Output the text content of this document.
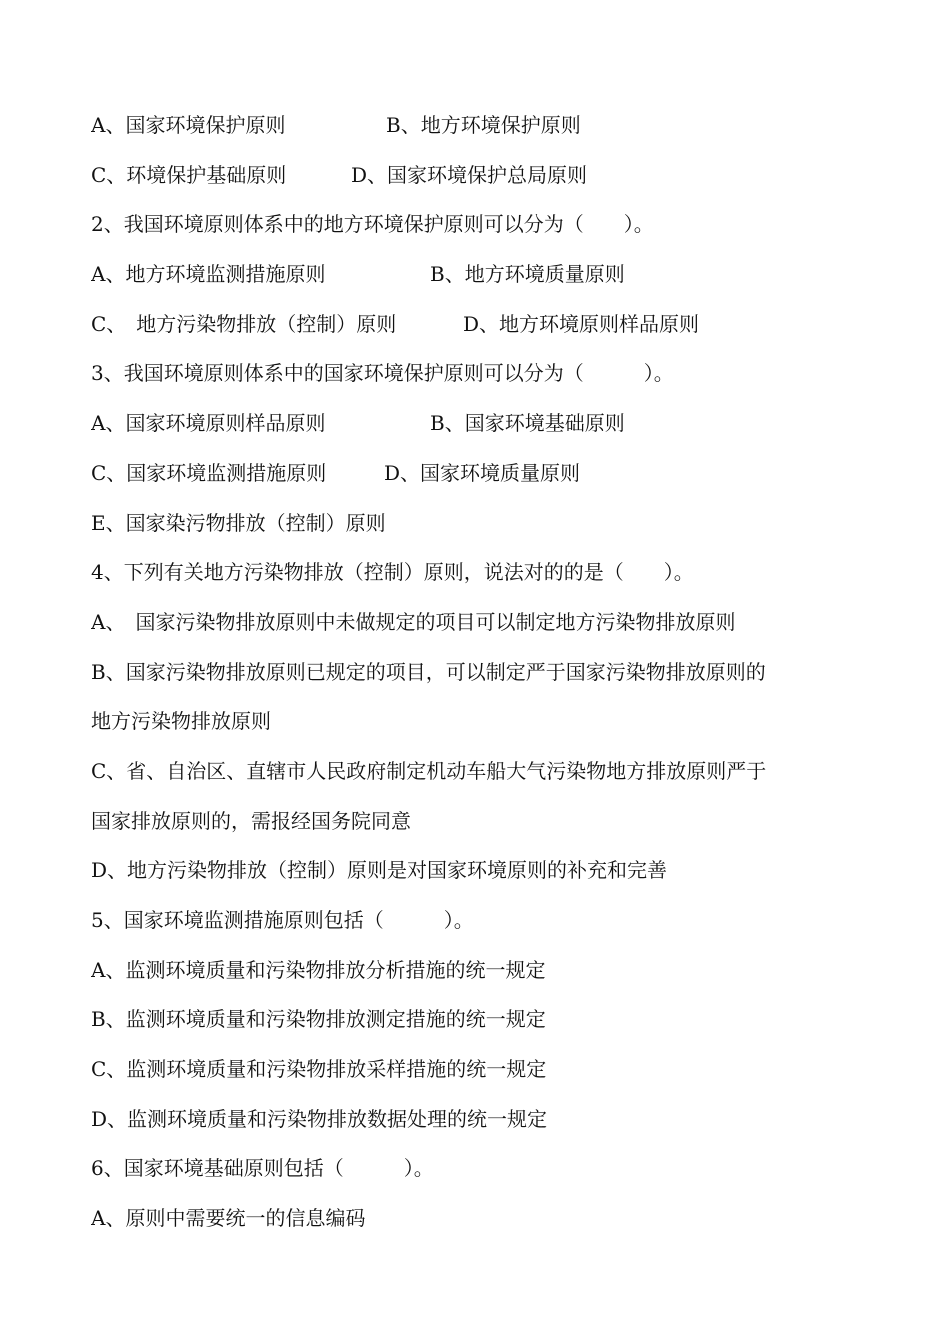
A、国家环境保护原则	B、地方环境保护原则
C、环境保护基础原则	D、国家环境保护总局原则
2、我国环境原则体系中的地方环境保护原则可以分为（　　）。
A、地方环境监测措施原则	B、地方环境质量原则
C、　地方污染物排放（控制）原则	D、地方环境原则样品原则
3、我国环境原则体系中的国家环境保护原则可以分为（　　　）。
A、国家环境原则样品原则	B、国家环境基础原则
C、国家环境监测措施原则	D、国家环境质量原则
E、国家染污物排放（控制）原则
4、下列有关地方污染物排放（控制）原则，说法对的的是（　　）。
A、　国家污染物排放原则中未做规定的项目可以制定地方污染物排放原则
B、国家污染物排放原则已规定的项目，可以制定严于国家污染物排放原则的
地方污染物排放原则
C、省、自治区、直辖市人民政府制定机动车船大气污染物地方排放原则严于
国家排放原则的，需报经国务院同意
D、地方污染物排放（控制）原则是对国家环境原则的补充和完善
5、国家环境监测措施原则包括（　　　）。
A、监测环境质量和污染物排放分析措施的统一规定
B、监测环境质量和污染物排放测定措施的统一规定
C、监测环境质量和污染物排放采样措施的统一规定
D、监测环境质量和污染物排放数据处理的统一规定
6、国家环境基础原则包括（　　　）。
A、原则中需要统一的信息编码
